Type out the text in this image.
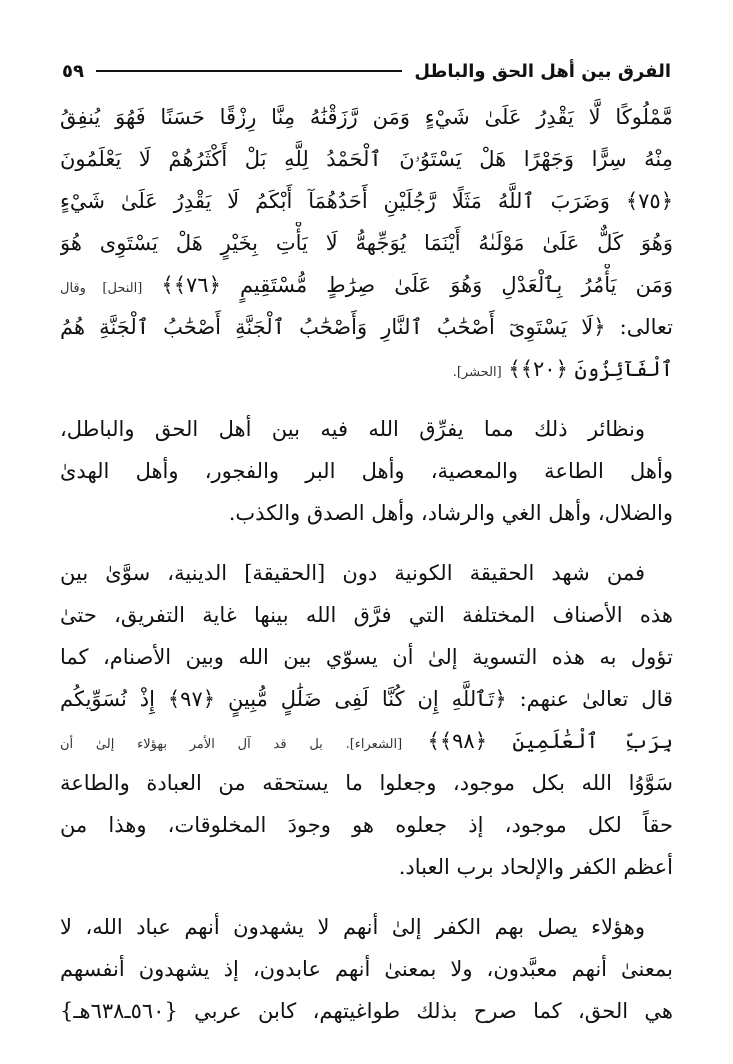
الفرق بين أهل الحق والباطل
٥٩
مَّمْلُوكًا لَّا يَقْدِرُ عَلَىٰ شَيْءٍ وَمَن رَّزَقْنَٰهُ مِنَّا رِزْقًا حَسَنًا فَهُوَ يُنفِقُ
مِنْهُ سِرًّا وَجَهْرًا هَلْ يَسْتَوُۥنَ ٱلْحَمْدُ لِلَّهِ بَلْ أَكْثَرُهُمْ لَا يَعْلَمُونَ
﴿٧٥﴾ وَضَرَبَ ٱللَّهُ مَثَلًا رَّجُلَيْنِ أَحَدُهُمَآ أَبْكَمُ لَا يَقْدِرُ عَلَىٰ شَيْءٍ
وَهُوَ كَلٌّ عَلَىٰ مَوْلَىٰهُ أَيْنَمَا يُوَجِّههُّ لَا يَأْتِ بِخَيْرٍ هَلْ يَسْتَوِى هُوَ
وَمَن يَأْمُرُ بِٱلْعَدْلِ وَهُوَ عَلَىٰ صِرَٰطٍ مُّسْتَقِيمٍ ﴿٧٦﴾﴾ [النحل] وقال
تعالى: ﴿لَا يَسْتَوِىٓ أَصْحَٰبُ ٱلنَّارِ وَأَصْحَٰبُ ٱلْجَنَّةِ أَصْحَٰبُ ٱلْجَنَّةِ هُمُ
ٱلْفَآئِزُونَ ﴿٢٠﴾﴾ [الحشر].
ونظائر ذلك مما يفرِّق الله فيه بين أهل الحق والباطل،
وأهل الطاعة والمعصية، وأهل البر والفجور، وأهل الهدىٰ
والضلال، وأهل الغي والرشاد، وأهل الصدق والكذب.
فمن شهد الحقيقة الكونية دون [الحقيقة] الدينية، سوَّىٰ بين
هذه الأصناف المختلفة التي فرَّق الله بينها غاية التفريق، حتىٰ
تؤول به هذه التسوية إلىٰ أن يسوّي بين الله وبين الأصنام، كما
قال تعالىٰ عنهم: ﴿تَٱللَّهِ إِن كُنَّا لَفِى ضَلَٰلٍ مُّبِينٍ ﴿٩٧﴾ إِذْ نُسَوِّيكُم
بِرَبِّ ٱلْعَٰلَمِينَ ﴿٩٨﴾﴾ [الشعراء]. بل قد آل الأمر بهؤلاء إلىٰ أن
سَوَّوُا الله بكل موجود، وجعلوا ما يستحقه من العبادة والطاعة
حقاً لكل موجود، إذ جعلوه هو وجودَ المخلوقات، وهذا من
أعظم الكفر والإلحاد برب العباد.
وهؤلاء يصل بهم الكفر إلىٰ أنهم لا يشهدون أنهم عباد الله، لا
بمعنىٰ أنهم معبَّدون، ولا بمعنىٰ أنهم عابدون، إذ يشهدون أنفسهم
هي الحق، كما صرح بذلك طواغيتهم، كابن عربي {٥٦٠ـ٦٣٨هـ}
